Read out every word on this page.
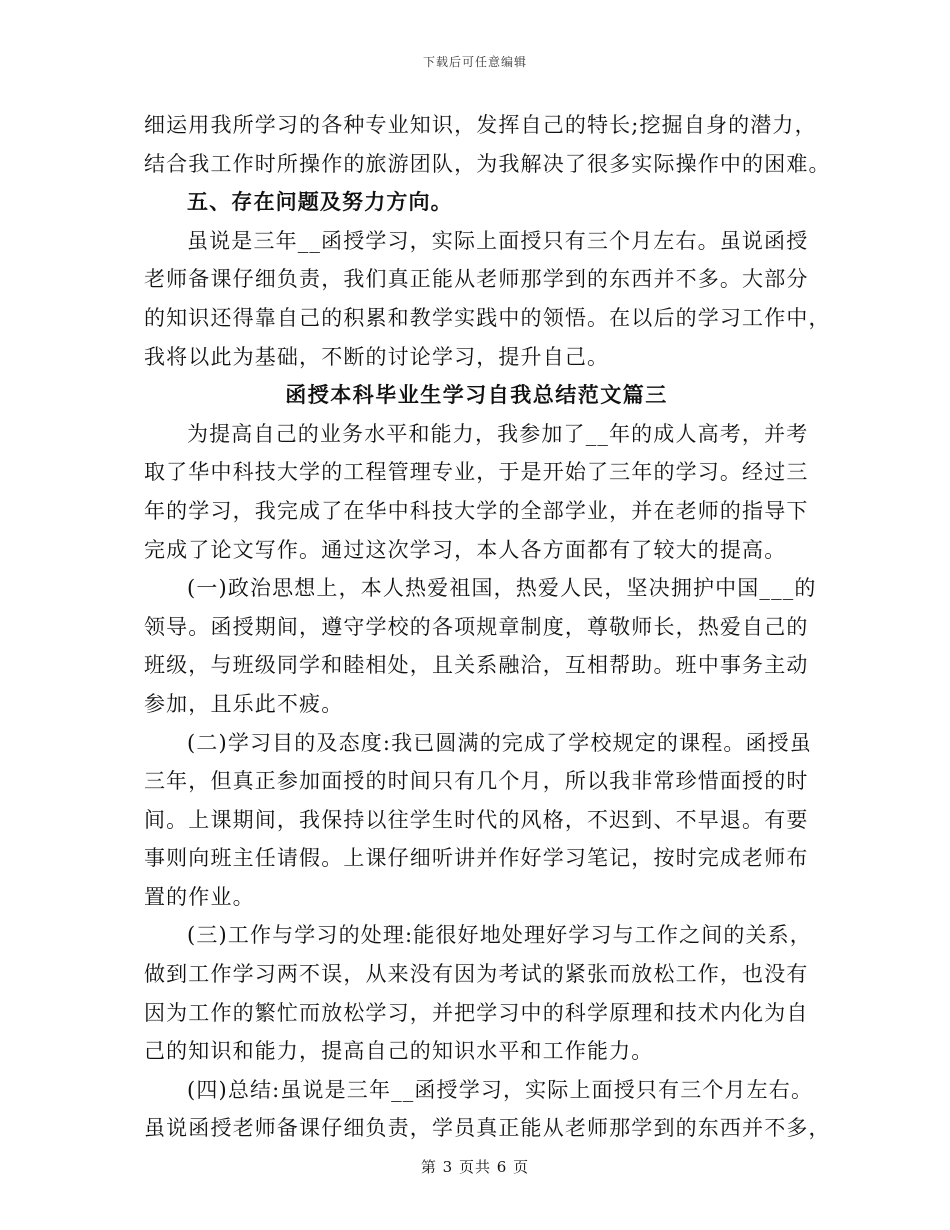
下载后可任意编辑
细运用我所学习的各种专业知识，发挥自己的特长;挖掘自身的潜力，
结合我工作时所操作的旅游团队，为我解决了很多实际操作中的困难。
五、存在问题及努力方向。
虽说是三年__函授学习，实际上面授只有三个月左右。虽说函授
老师备课仔细负责，我们真正能从老师那学到的东西并不多。大部分
的知识还得靠自己的积累和教学实践中的领悟。在以后的学习工作中，
我将以此为基础，不断的讨论学习，提升自己。
函授本科毕业生学习自我总结范文篇三
为提高自己的业务水平和能力，我参加了__年的成人高考，并考
取了华中科技大学的工程管理专业，于是开始了三年的学习。经过三
年的学习，我完成了在华中科技大学的全部学业，并在老师的指导下
完成了论文写作。通过这次学习，本人各方面都有了较大的提高。
(一)政治思想上，本人热爱祖国，热爱人民，坚决拥护中国___的
领导。函授期间，遵守学校的各项规章制度，尊敬师长，热爱自己的
班级，与班级同学和睦相处，且关系融洽，互相帮助。班中事务主动
参加，且乐此不疲。
(二)学习目的及态度:我已圆满的完成了学校规定的课程。函授虽
三年，但真正参加面授的时间只有几个月，所以我非常珍惜面授的时
间。上课期间，我保持以往学生时代的风格，不迟到、不早退。有要
事则向班主任请假。上课仔细听讲并作好学习笔记，按时完成老师布
置的作业。
(三)工作与学习的处理:能很好地处理好学习与工作之间的关系，
做到工作学习两不误，从来没有因为考试的紧张而放松工作，也没有
因为工作的繁忙而放松学习，并把学习中的科学原理和技术内化为自
己的知识和能力，提高自己的知识水平和工作能力。
(四)总结:虽说是三年__函授学习，实际上面授只有三个月左右。
虽说函授老师备课仔细负责，学员真正能从老师那学到的东西并不多，
第 3 页共 6 页
